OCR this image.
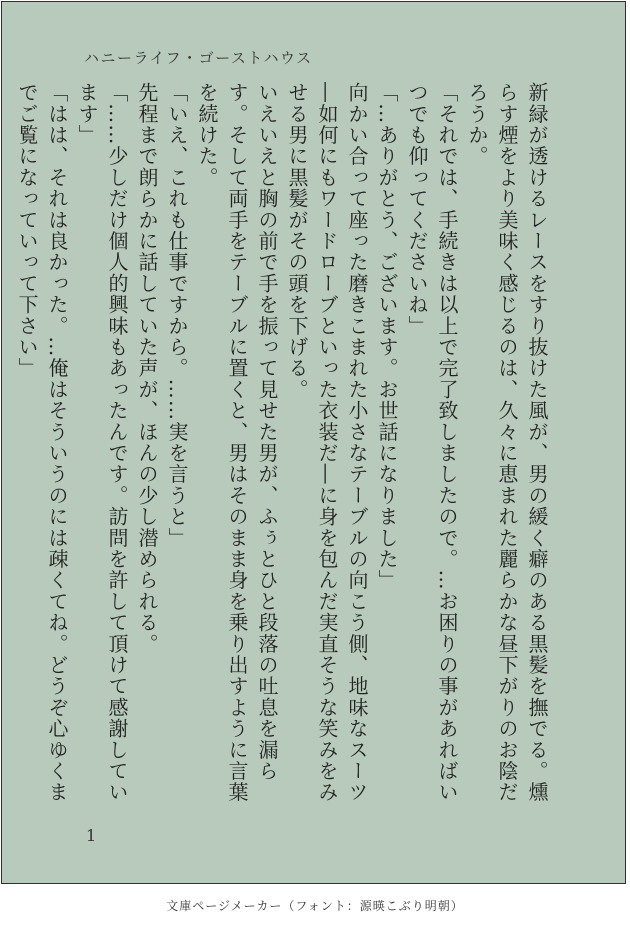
ハニーライフ・ゴーストハウス

新緑が透けるレースをすり抜けた風が、男の緩く癖のある黒髪を撫でる。燻らす煙をより美味く感じるのは、久々に恵まれた麗らかな昼下がりのお陰だろうか。

「それでは、手続きは以上で完了致しましたので。…お困りの事があればいつでも仰ってくださいね」

「…ありがとう、ございます。お世話になりました」

向かい合って座った磨きこまれた小さなテーブルの向こう側、地味なスーツ―如何にもワードローブといった衣装だ―に身を包んだ実直そうな笑みをみせる男に黒髪がその頭を下げる。

いえいえと胸の前で手を振って見せた男が、ふぅとひと段落の吐息を漏らす。そして両手をテーブルに置くと、男はそのまま身を乗り出すように言葉を続けた。

「いえ、これも仕事ですから。……実を言うと」

先程まで朗らかに話していた声が、ほんの少し潜められる。

「……少しだけ個人的興味もあったんです。訪問を許して頂けて感謝しています」

「はは、それは良かった。…俺はそういうのには疎くてね。どうぞ心ゆくまでご覧になっていって下さい」

1
文庫ページメーカー（フォント：源暎こぶり明朝）
